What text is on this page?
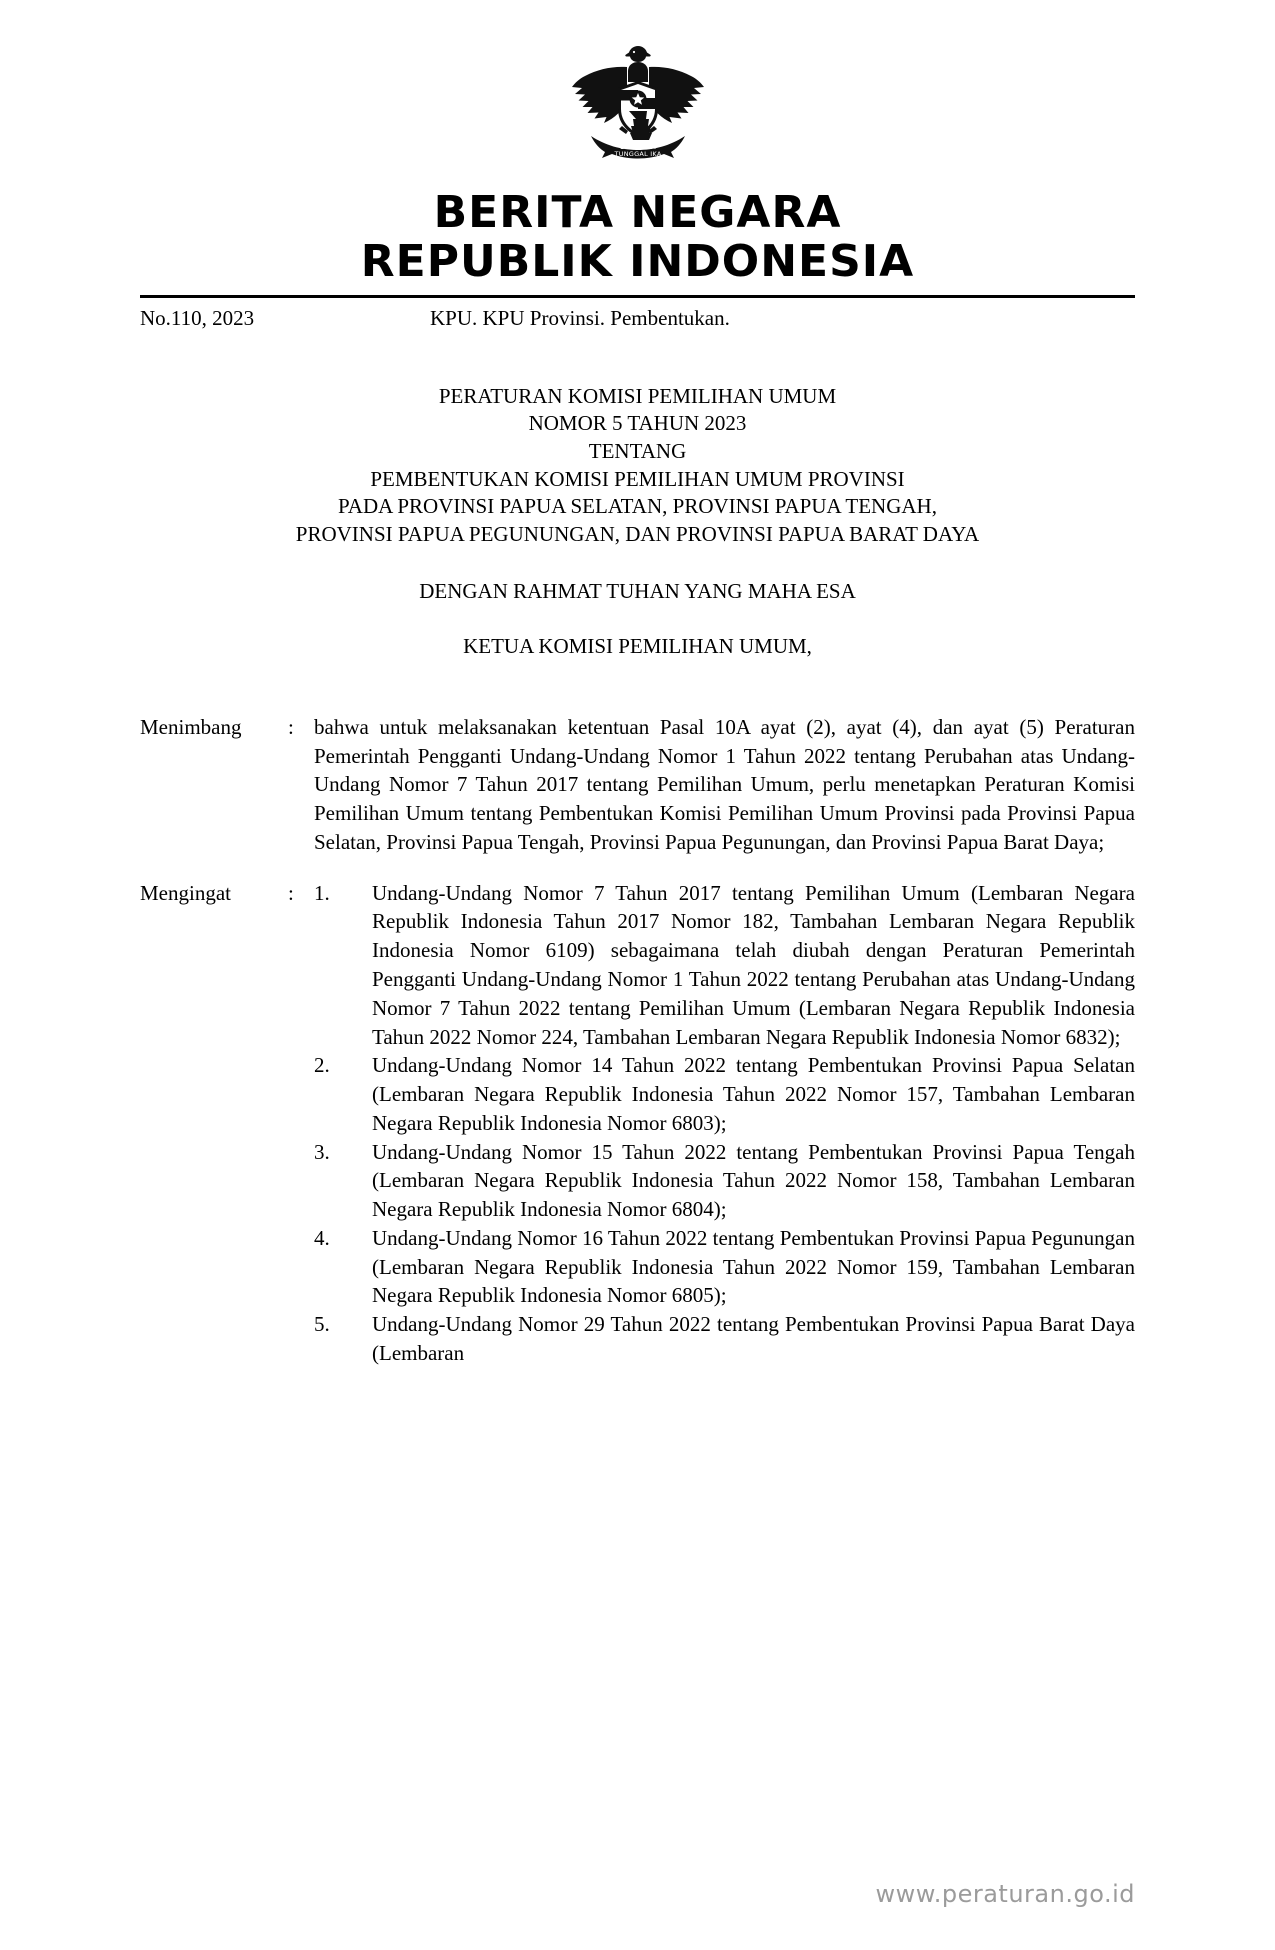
BHINNEKA
TUNGGAL IKA
BERITA NEGARA
REPUBLIK INDONESIA
No.110, 2023	KPU. KPU Provinsi. Pembentukan.
PERATURAN KOMISI PEMILIHAN UMUM
NOMOR 5 TAHUN 2023
TENTANG
PEMBENTUKAN KOMISI PEMILIHAN UMUM PROVINSI
PADA PROVINSI PAPUA SELATAN, PROVINSI PAPUA TENGAH,
PROVINSI PAPUA PEGUNUNGAN, DAN PROVINSI PAPUA BARAT DAYA
DENGAN RAHMAT TUHAN YANG MAHA ESA
KETUA KOMISI PEMILIHAN UMUM,
Menimbang	: bahwa untuk melaksanakan ketentuan Pasal 10A ayat (2), ayat (4), dan ayat (5) Peraturan Pemerintah Pengganti Undang-Undang Nomor 1 Tahun 2022 tentang Perubahan atas Undang-Undang Nomor 7 Tahun 2017 tentang Pemilihan Umum, perlu menetapkan Peraturan Komisi Pemilihan Umum tentang Pembentukan Komisi Pemilihan Umum Provinsi pada Provinsi Papua Selatan, Provinsi Papua Tengah, Provinsi Papua Pegunungan, dan Provinsi Papua Barat Daya;

Mengingat	: 1.	Undang-Undang Nomor 7 Tahun 2017 tentang Pemilihan Umum (Lembaran Negara Republik Indonesia Tahun 2017 Nomor 182, Tambahan Lembaran Negara Republik Indonesia Nomor 6109) sebagaimana telah diubah dengan Peraturan Pemerintah Pengganti Undang-Undang Nomor 1 Tahun 2022 tentang Perubahan atas Undang-Undang Nomor 7 Tahun 2022 tentang Pemilihan Umum (Lembaran Negara Republik Indonesia Tahun 2022 Nomor 224, Tambahan Lembaran Negara Republik Indonesia Nomor 6832);
2.	Undang-Undang Nomor 14 Tahun 2022 tentang Pembentukan Provinsi Papua Selatan (Lembaran Negara Republik Indonesia Tahun 2022 Nomor 157, Tambahan Lembaran Negara Republik Indonesia Nomor 6803);
3.	Undang-Undang Nomor 15 Tahun 2022 tentang Pembentukan Provinsi Papua Tengah (Lembaran Negara Republik Indonesia Tahun 2022 Nomor 158, Tambahan Lembaran Negara Republik Indonesia Nomor 6804);
4.	Undang-Undang Nomor 16 Tahun 2022 tentang Pembentukan Provinsi Papua Pegunungan (Lembaran Negara Republik Indonesia Tahun 2022 Nomor 159, Tambahan Lembaran Negara Republik Indonesia Nomor 6805);
5.	Undang-Undang Nomor 29 Tahun 2022 tentang Pembentukan Provinsi Papua Barat Daya (Lembaran
www.peraturan.go.id
